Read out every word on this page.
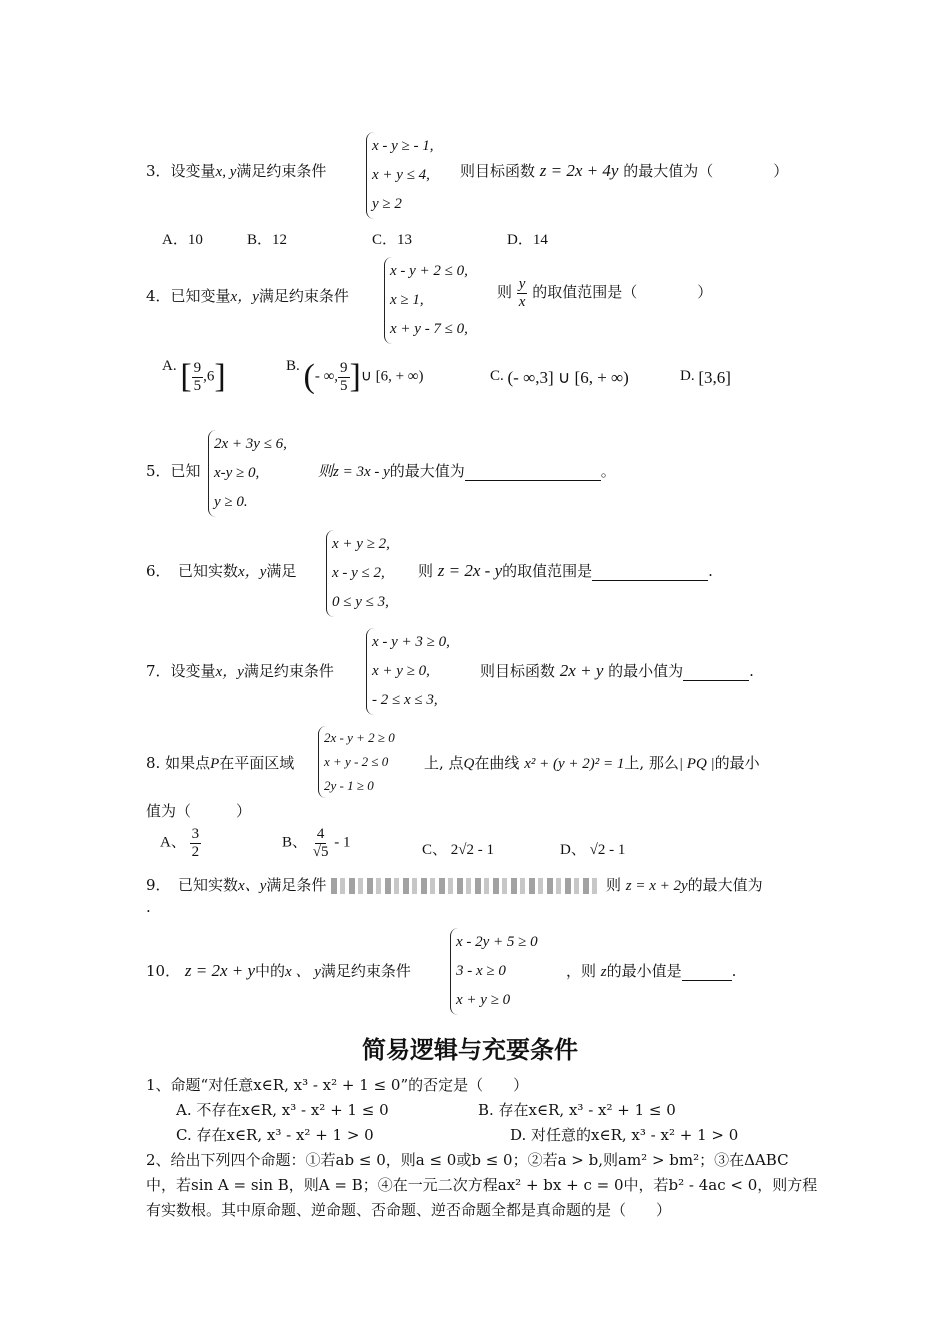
3．设变量x, y满足约束条件
x - y ≥ - 1,
x + y ≤ 4,
y ≥ 2
则目标函数 z = 2x + 4y 的最大值为（　　　　）
A．10	B．12	C．13	D．14
4．已知变量x，y满足约束条件
x - y + 2 ≤ 0,
x ≥ 1,
x + y - 7 ≤ 0,
则 $\frac{y}{x}$ 的取值范围是（　　　　）
A. [ $\frac{9}{5} ,6$]	B. (- ∞, $\frac{9}{5}$ ]∪ [6, + ∞)	C. (- ∞,3] ∪ [6, + ∞)	D. [3,6]
5．已知
2x + 3y ≤ 6,
x-y ≥ 0,
y ≥ 0.
则z = 3x - y的最大值为	。
6．　已知实数x，y满足
x + y ≥ 2,
x - y ≤ 2,
0 ≤ y ≤ 3,
则 z = 2x - y的取值范围是	.
7．设变量x，y满足约束条件
x - y + 3 ≥ 0,
x + y ≥ 0,
- 2 ≤ x ≤ 3,
则目标函数 2x + y 的最小值为	.
8. 如果点P在平面区域
2x - y + 2 ≥ 0
x + y - 2 ≤ 0
2y - 1 ≥ 0
上, 点Q在曲线 x² + (y + 2)² = 1上, 那么| PQ |的最小
值为（　　　）
A、 $\frac{3}{2}$	B、 $\frac{4}{√5} - 1$	C、 2√2 - 1	D、 √2 - 1
9．　已知实数x、y满足条件	则 z = x + 2y的最大值为
.
10． z = 2x + y中的x 、 y满足约束条件
x - 2y + 5 ≥ 0
3 - x ≥ 0
x + y ≥ 0
，则 z的最小值是	.
简易逻辑与充要条件
1、命题“对任意x∈R, x³ - x² + 1 ≤ 0”的否定是（　　）
A. 不存在x∈R, x³ - x² + 1 ≤ 0	B. 存在x∈R, x³ - x² + 1 ≤ 0
C. 存在x∈R, x³ - x² + 1 > 0	D. 对任意的x∈R, x³ - x² + 1 > 0
2、给出下列四个命题：①若ab ≤ 0，则a ≤ 0或b ≤ 0；②若a > b,则am² > bm²；③在ΔABC
中，若sin A = sin B，则A = B；④在一元二次方程ax² + bx + c = 0中，若b² - 4ac < 0，则方程
有实数根。其中原命题、逆命题、否命题、逆否命题全都是真命题的是（　　）
